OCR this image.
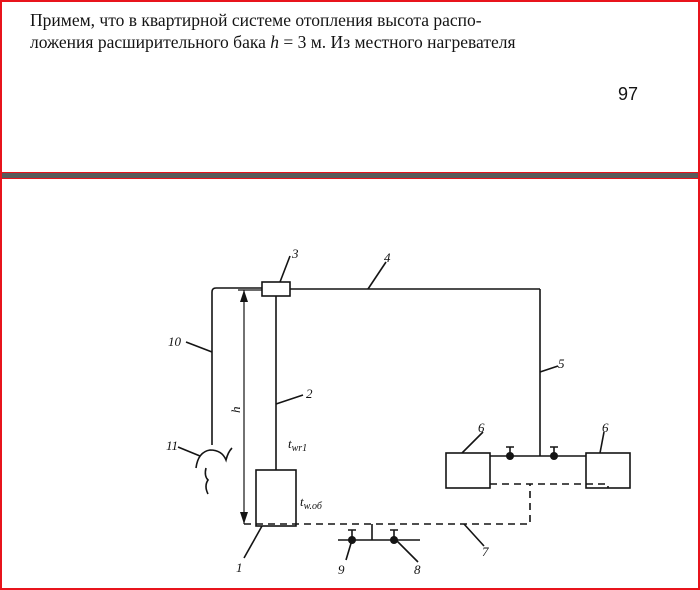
Примем, что в квартирной системе отопления высота распо-
ложения расширительного бака h = 3 м. Из местного нагревателя
97
3	4
5
2
10
11
6	6
1
7
9	8
h
$t_{wr1}$
$t_{w.об}$
